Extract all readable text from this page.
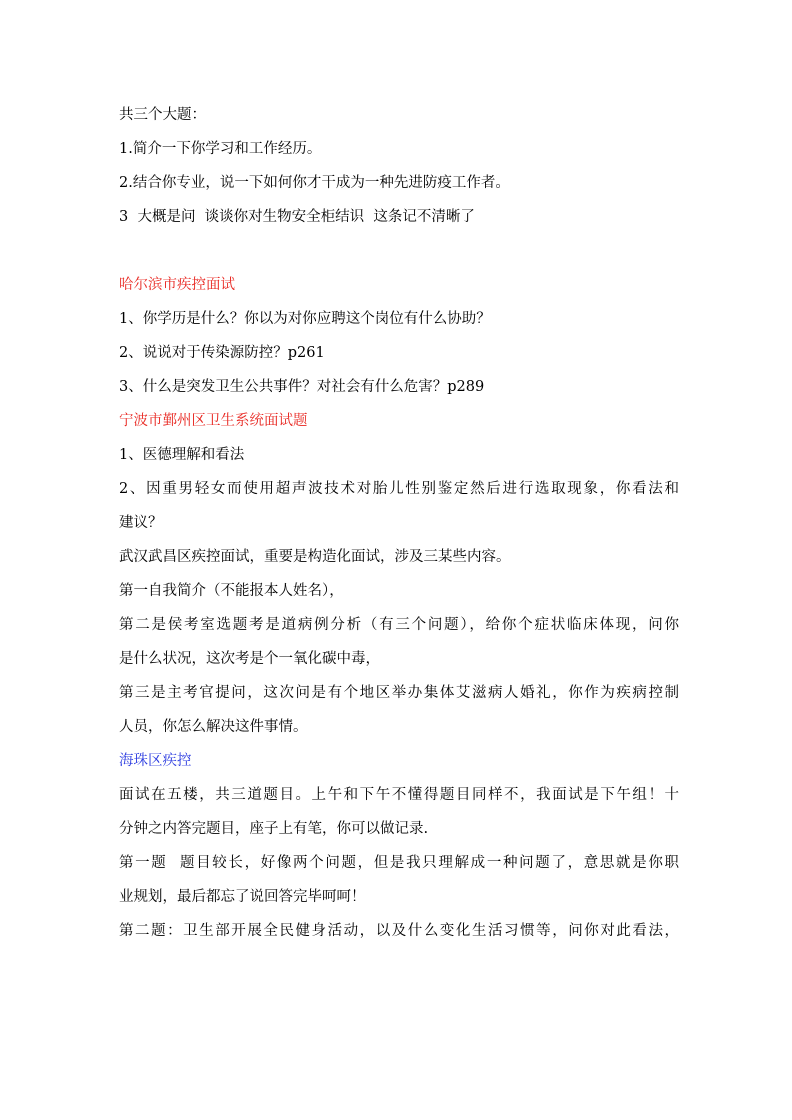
共三个大题：
1.简介一下你学习和工作经历。
2.结合你专业，说一下如何你才干成为一种先进防疫工作者。
3  大概是问  谈谈你对生物安全柜结识  这条记不清晰了
哈尔滨市疾控面试
1、你学历是什么？你以为对你应聘这个岗位有什么协助？
2、说说对于传染源防控？p261
3、什么是突发卫生公共事件？对社会有什么危害？p289
宁波市鄞州区卫生系统面试题
1、医德理解和看法
2、因重男轻女而使用超声波技术对胎儿性别鉴定然后进行选取现象，你看法和
建议？
武汉武昌区疾控面试，重要是构造化面试，涉及三某些内容。
第一自我简介（不能报本人姓名），
第二是侯考室选题考是道病例分析（有三个问题），给你个症状临床体现，问你
是什么状况，这次考是个一氧化碳中毒，
第三是主考官提问，这次问是有个地区举办集体艾滋病人婚礼，你作为疾病控制
人员，你怎么解决这件事情。
海珠区疾控
面试在五楼，共三道题目。上午和下午不懂得题目同样不，我面试是下午组！十
分钟之内答完题目，座子上有笔，你可以做记录.
第一题  题目较长，好像两个问题，但是我只理解成一种问题了，意思就是你职
业规划，最后都忘了说回答完毕呵呵！
第二题：卫生部开展全民健身活动，以及什么变化生活习惯等，问你对此看法，
